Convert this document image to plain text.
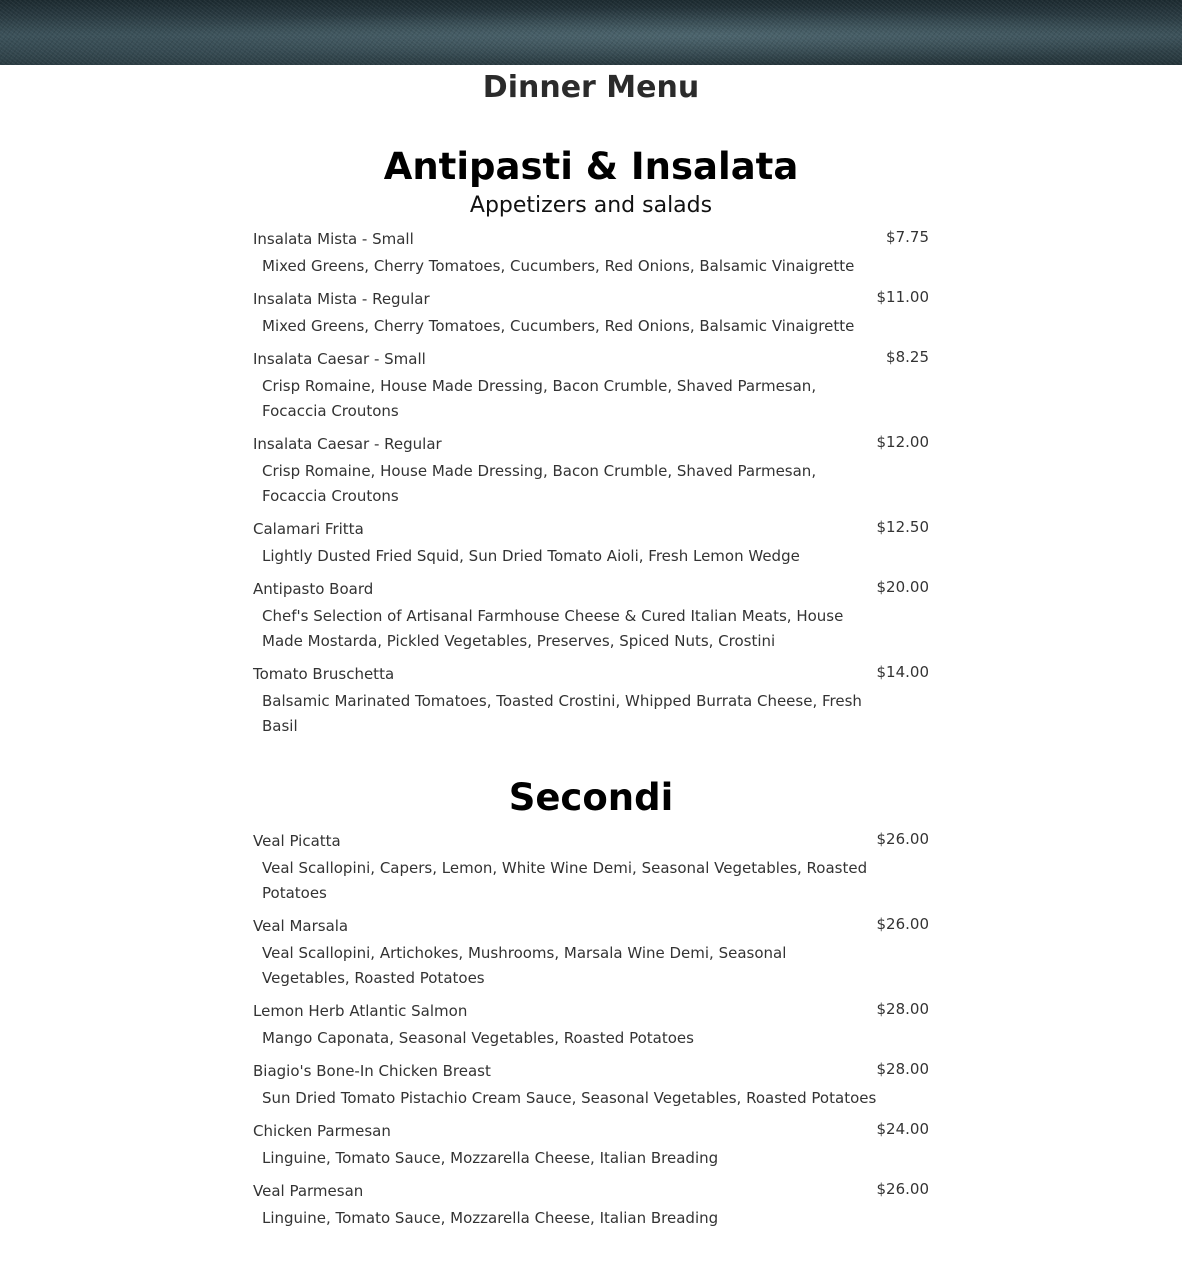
Dinner Menu
Antipasti & Insalata
Appetizers and salads
Insalata Mista - Small	$7.75
Mixed Greens, Cherry Tomatoes, Cucumbers, Red Onions, Balsamic Vinaigrette
Insalata Mista - Regular	$11.00
Mixed Greens, Cherry Tomatoes, Cucumbers, Red Onions, Balsamic Vinaigrette
Insalata Caesar - Small	$8.25
Crisp Romaine, House Made Dressing, Bacon Crumble, Shaved Parmesan, Focaccia Croutons
Insalata Caesar - Regular	$12.00
Crisp Romaine, House Made Dressing, Bacon Crumble, Shaved Parmesan, Focaccia Croutons
Calamari Fritta	$12.50
Lightly Dusted Fried Squid, Sun Dried Tomato Aioli, Fresh Lemon Wedge
Antipasto Board	$20.00
Chef's Selection of Artisanal Farmhouse Cheese & Cured Italian Meats, House Made Mostarda, Pickled Vegetables, Preserves, Spiced Nuts, Crostini
Tomato Bruschetta	$14.00
Balsamic Marinated Tomatoes, Toasted Crostini, Whipped Burrata Cheese, Fresh Basil
Secondi
Veal Picatta	$26.00
Veal Scallopini, Capers, Lemon, White Wine Demi, Seasonal Vegetables, Roasted Potatoes
Veal Marsala	$26.00
Veal Scallopini, Artichokes, Mushrooms, Marsala Wine Demi, Seasonal Vegetables, Roasted Potatoes
Lemon Herb Atlantic Salmon	$28.00
Mango Caponata, Seasonal Vegetables, Roasted Potatoes
Biagio's Bone-In Chicken Breast	$28.00
Sun Dried Tomato Pistachio Cream Sauce, Seasonal Vegetables, Roasted Potatoes
Chicken Parmesan	$24.00
Linguine, Tomato Sauce, Mozzarella Cheese, Italian Breading
Veal Parmesan	$26.00
Linguine, Tomato Sauce, Mozzarella Cheese, Italian Breading
